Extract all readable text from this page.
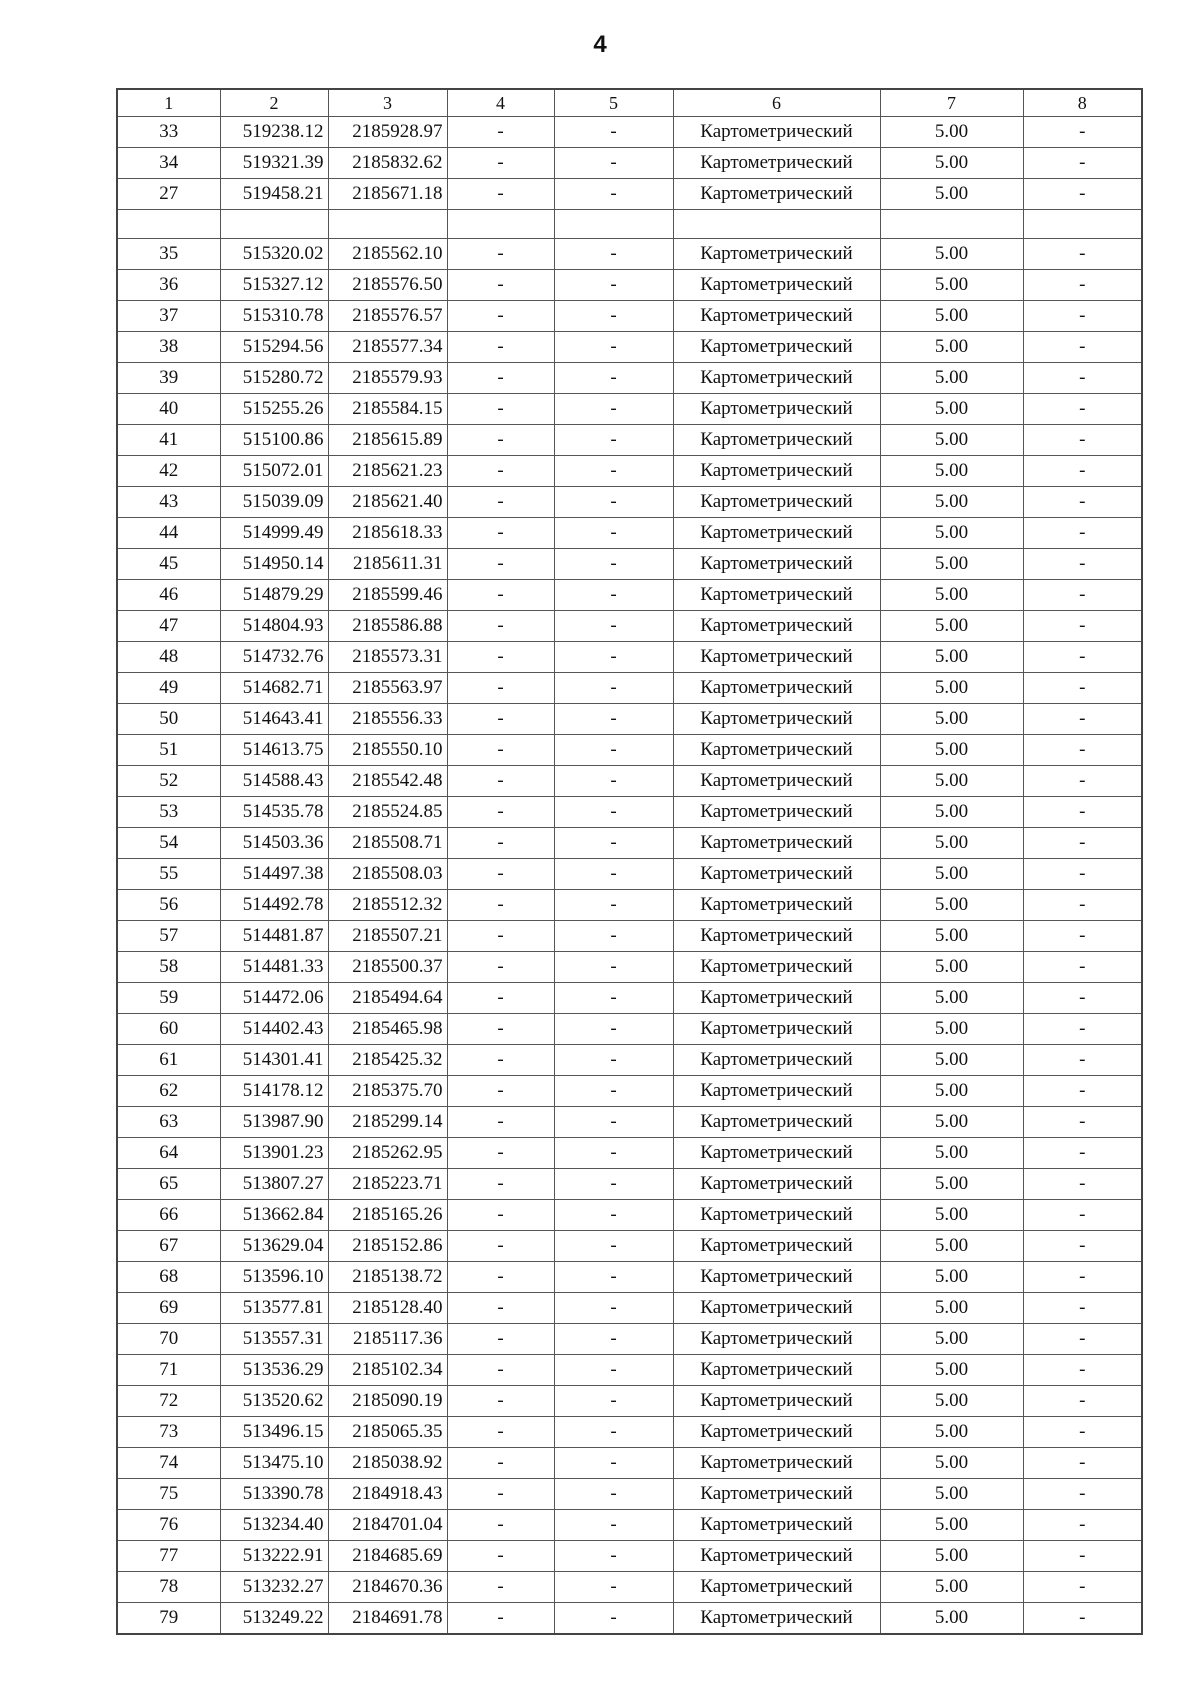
4
1	2	3	4	5	6	7	8
33	519238.12	2185928.97	-	-	Картометрический	5.00	-
34	519321.39	2185832.62	-	-	Картометрический	5.00	-
27	519458.21	2185671.18	-	-	Картометрический	5.00	-

35	515320.02	2185562.10	-	-	Картометрический	5.00	-
36	515327.12	2185576.50	-	-	Картометрический	5.00	-
37	515310.78	2185576.57	-	-	Картометрический	5.00	-
38	515294.56	2185577.34	-	-	Картометрический	5.00	-
39	515280.72	2185579.93	-	-	Картометрический	5.00	-
40	515255.26	2185584.15	-	-	Картометрический	5.00	-
41	515100.86	2185615.89	-	-	Картометрический	5.00	-
42	515072.01	2185621.23	-	-	Картометрический	5.00	-
43	515039.09	2185621.40	-	-	Картометрический	5.00	-
44	514999.49	2185618.33	-	-	Картометрический	5.00	-
45	514950.14	2185611.31	-	-	Картометрический	5.00	-
46	514879.29	2185599.46	-	-	Картометрический	5.00	-
47	514804.93	2185586.88	-	-	Картометрический	5.00	-
48	514732.76	2185573.31	-	-	Картометрический	5.00	-
49	514682.71	2185563.97	-	-	Картометрический	5.00	-
50	514643.41	2185556.33	-	-	Картометрический	5.00	-
51	514613.75	2185550.10	-	-	Картометрический	5.00	-
52	514588.43	2185542.48	-	-	Картометрический	5.00	-
53	514535.78	2185524.85	-	-	Картометрический	5.00	-
54	514503.36	2185508.71	-	-	Картометрический	5.00	-
55	514497.38	2185508.03	-	-	Картометрический	5.00	-
56	514492.78	2185512.32	-	-	Картометрический	5.00	-
57	514481.87	2185507.21	-	-	Картометрический	5.00	-
58	514481.33	2185500.37	-	-	Картометрический	5.00	-
59	514472.06	2185494.64	-	-	Картометрический	5.00	-
60	514402.43	2185465.98	-	-	Картометрический	5.00	-
61	514301.41	2185425.32	-	-	Картометрический	5.00	-
62	514178.12	2185375.70	-	-	Картометрический	5.00	-
63	513987.90	2185299.14	-	-	Картометрический	5.00	-
64	513901.23	2185262.95	-	-	Картометрический	5.00	-
65	513807.27	2185223.71	-	-	Картометрический	5.00	-
66	513662.84	2185165.26	-	-	Картометрический	5.00	-
67	513629.04	2185152.86	-	-	Картометрический	5.00	-
68	513596.10	2185138.72	-	-	Картометрический	5.00	-
69	513577.81	2185128.40	-	-	Картометрический	5.00	-
70	513557.31	2185117.36	-	-	Картометрический	5.00	-
71	513536.29	2185102.34	-	-	Картометрический	5.00	-
72	513520.62	2185090.19	-	-	Картометрический	5.00	-
73	513496.15	2185065.35	-	-	Картометрический	5.00	-
74	513475.10	2185038.92	-	-	Картометрический	5.00	-
75	513390.78	2184918.43	-	-	Картометрический	5.00	-
76	513234.40	2184701.04	-	-	Картометрический	5.00	-
77	513222.91	2184685.69	-	-	Картометрический	5.00	-
78	513232.27	2184670.36	-	-	Картометрический	5.00	-
79	513249.22	2184691.78	-	-	Картометрический	5.00	-
